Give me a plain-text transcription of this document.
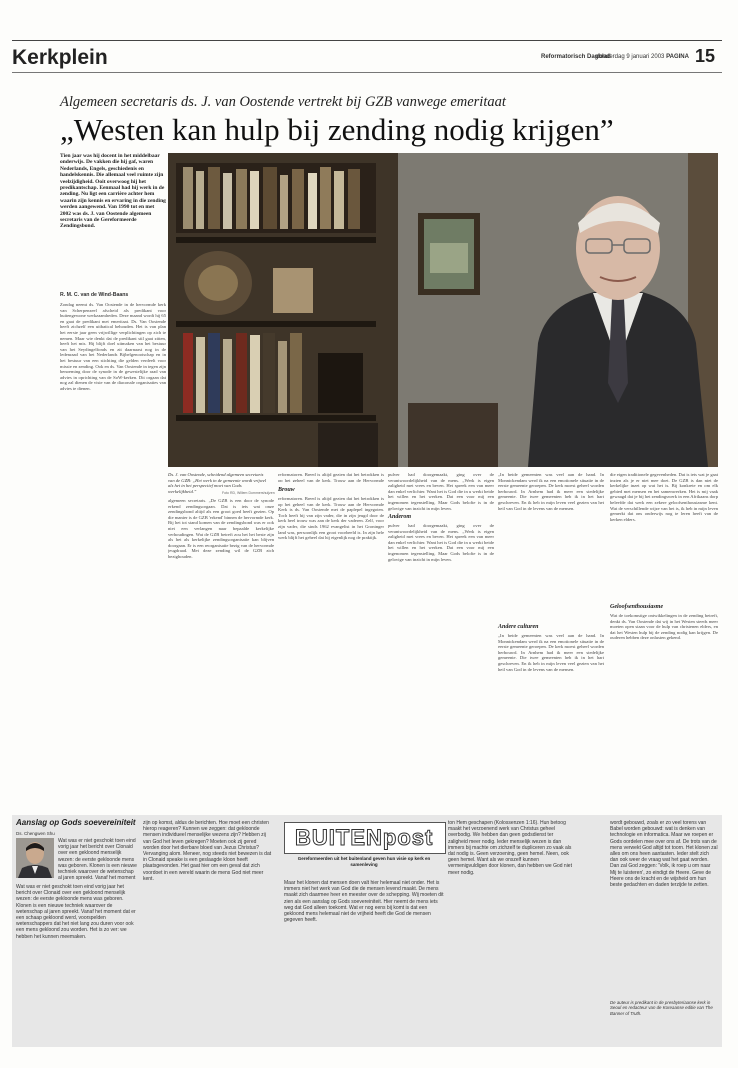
Kerkplein	Reformatorisch Dagblad
donderdag 9 januari 2003 PAGINA 15
Algemeen secretaris ds. J. van Oostende vertrekt bij GZB vanwege emeritaat
„Westen kan hulp bij zending nodig krijgen”
Tien jaar was hij docent in het middelbaar onderwijs. De vakken die hij gaf, waren Nederlands, Engels, geschiedenis en handelskennis. Die allemaal veel ruimte zijn veelzijdigheid. Ooit overwoog hij het predikantschap. Eenmaal had hij werk in de zending. Nu ligt een carrière achter hem waarin zijn kennis en ervaring in die zending werden aangewend. Van 1990 tot en met 2002 was ds. J. van Oostende algemeen secretaris van de Gereformeerde Zendingsbond.
R. M. C. van de Wind-Baans
Zondag neemt ds. Van Oostende in de hervormde kerk van Scherpenzeel afscheid als predikant voor buitengewone werkzaamheden. Deze maand wordt hij 65 en gaat de predikant met emeritaat. Ds. Van Oostende heeft zichzelf een uitbatical behouden. Het is van plan het eerste jaar geen vrijwillige verplichtingen op zich te nemen. Maar wie denkt dat de predikant stil gaat zitten, heeft het mis. Hij blijft doel uitmaken van het bestuur van het Seydingelfonds en zit daarnaast nog in de ledenraad van het Nederlands Bijbelgenootschap en in het bestuur van een stichting die gelden verdeelt voor missie en zending. Ook en ds. Van Oostende in tegen zijn benoeming door de synode in de gewestelijke raad van advies in oprichting van de SoW-kerken. Dit orgaan dat nog zal dienen de visie van de diaconale organisaties van advies te dienen.
Ds. J. van Oostende, scheidend algemeen secretaris van de GZB: „Het werk in de gemeente wordt vrijwel als het in het perspectief moet van Gods werkelijkheid.”	Foto RD, Willem Dommershuijzen
algemeen secretaris. „De GZB is een door de synode erkend zendingsorgaan. Dat is iets wat onze zendingsbond altijd als een groot goed heeft gezien. Op die manier is de GZB 'erkend' binnen de hervormde kerk. Bij het tot stand komen van de zendingsbond was er ook niet een verlangen naar bepaalde kerkelijke verhoudingen. Wat de GZB betreft zou het het beste zijn als het als kerkelijke zendingsorganisatie kan blijven doorgaan. Er is een reorganisatie bezig van de hervormde jeugdraad. Met deze zending wil de GZB zich bezighouden.
reformatoren. Breed is altijd gezien dat het betrokken is op het geheel van de kerk. Trouw aan de Hervormde
Brouw
reformatoren. Breed is altijd gezien dat het betrokken is op het geheel van de kerk. Trouw aan de Hervormde Kerk is ds. Van Oostende met de paplepel ingegoten. Toch heeft hij van zijn vader, die in zijn jeugd door de kerk heel trouw was aan de kerk der vaderen. Zelf, voor zijn vader, die sinds 1962 evangelist in het Groninger land was, persoonlijk een groot voorbeeld is. In zijn hele werk blijft het geheel dat hij eigenlijk nog de praktijk.
pulver had doorgemaakt, ging over de verantwoordelijkheid van de mens. „Werk is eigen zaligheid met vrees en beven. Het spreek een van meer dan enkel verlichter. Want het is God die in u werkt beide het willen en het werken. Dat een voor mij een ingenomen tegenstelling. Maar Gods belofte is in de gelovige van inzicht in mijn leven.
Anderom
pulver had doorgemaakt, ging over de verantwoordelijkheid van de mens. „Werk is eigen zaligheid met vrees en beven. Het spreek een van meer dan enkel verlichter. Want het is God die in u werkt beide het willen en het werken. Dat een voor mij een ingenomen tegenstelling. Maar Gods belofte is in de gelovige van inzicht in mijn leven.
„In beide gemeenten was veel aan de hand. In Monnickendam werd ik na een emotionele situatie in de eerste gemeente geroepen. De kerk moest geheel worden herbouwd. In Arnhem had ik meer een stedelijke gemeente. Die twee gemeenten heb ik in het hart geschreven. En ik heb in mijn leven veel gezien van het heil van God in de levens van de mensen.
Andere culturen
„In beide gemeenten was veel aan de hand. In Monnickendam werd ik na een emotionele situatie in de eerste gemeente geroepen. De kerk moest geheel worden herbouwd. In Arnhem had ik meer een stedelijke gemeente. Die twee gemeenten heb ik in het hart geschreven. En ik heb in mijn leven veel gezien van het heil van God in de levens van de mensen.
die eigen traditionele gegevenheden. Dat is iets wat je gaat inzien als je er niet mee doet. De GZB is dan niet de kerkelijke inzet op wat het is. Bij konkrete en om elk gebied met mensen en het samenwerken. Het is mij vaak gewaagd dat je bij het zendingswerk in een Afrikaans dorp beleefde dat werk een zekere geloofsenthousiasme kent. Wat de verschillende wijze van het is, ik heb in mijn leven gemerkt dat ons onderwijs nog te leren heeft van de kerken elders.
Geloofsenthousiasme
Wat de toekomstige ontwikkelingen in de zending betreft, denkt ds. Van Oostende dat wij in het Westen steeds meer moeten open staan voor de hulp van christenen elders, en dat het Westen hulp bij de zending nodig kan krijgen. De ouderen hebben deze onlusten gekend.
Aanslag op Gods soevereiniteit
Ds. Chengwen Shu
Wat was er niet geschokt toen eind vorig jaar het bericht over Clonaid over een gekloond menselijk wezen: de eerste gekloonde mens was geboren. Klonen is een nieuwe techniek waarover de wetenschap al jaren spreekt. Vanaf het moment
Wat was er niet geschokt toen eind vorig jaar het bericht over Clonaid over een gekloond menselijk wezen: de eerste gekloonde mens was geboren. Klonen is een nieuwe techniek waarover de wetenschap al jaren spreekt. Vanaf het moment dat er een schaap gekloond werd, voorspelden wetenschappers dat het niet lang zou duren voor ook een mens gekloond zou worden. Het is zo ver: we hebben het kunnen meemaken.
zijn op komst, aldus de berichten. Hoe moet een christen hierop reageren? Kunnen we zeggen: dat gekloonde mensen individueel menselijke wezens zijn? Hebben zij van God het leven gekregen? Moeten ook zij gered worden door het dierbare bloed van Jezus Christus? Vervanging alom. Meneer, nog steeds niet bewezen is dat in Clonaid speake is een geslaagde kloon heeft plaatsgevonden. Het gaat hier om een geval dat zich voordoet in een wereld waarin de mens God niet meer kent.
BUITENpost
Gereformeerden uit het buitenland geven hun visie op kerk en samenleving
Maar het klonen dat mensen doen valt hier helemaal niet onder. Het is immers niet het werk van God die de mensen levend maakt. De mens maakt zich daarmee heer en meester over de schepping. Wij moeten dit zien als een aanslag op Gods soevereiniteit. Hier neemt de mens iets weg dat God alleen toekomt. Wat er nog eens bij komt is dat een gekloond mens helemaal niet de vrijheid heeft die God de mensen gegeven heeft.
ton Hem geschapen (Kolossenzen 1:16). Hun betoog maakt het verzoenend werk van Christus geheel overbodig. We hebben dan geen godsdienst ter zaligheid meer nodig. Ieder menselijk wezen is dan immers bij machte om zichzelf te duplicеren zo vaak als dat nodig is. Geen verzoening, geen hemel. Neen, ook geen hemel. Want als we onszelf kunnen vermenigvuldigen door klonen, dan hebben we God niet meer nodig.
wordt gebouwd, zoals er zo veel torens van Babel worden gebouwd: wat is denken van technologie en informatica. Maar we roepen er Gods oordelen mee over ons af. De trots van de mens verwekt God altijd tot toorn. Het klonen zal alles om ons heen aantasten. Ieder stelt zich dan ook weer de vraag wat het gaat worden. Dan zal God zeggen: 'Volk, ik roep u om naar Mij te luisteren', zo eindigt de Heere. Geve de Heere ons de kracht en de wijsheid om hun beste gedachten en daden terzijde te zetten.
De auteur is predikant in de presbyteriaanse kerk in Seoul en redacteur van de Koreaanse editie van The Banner of Truth.
